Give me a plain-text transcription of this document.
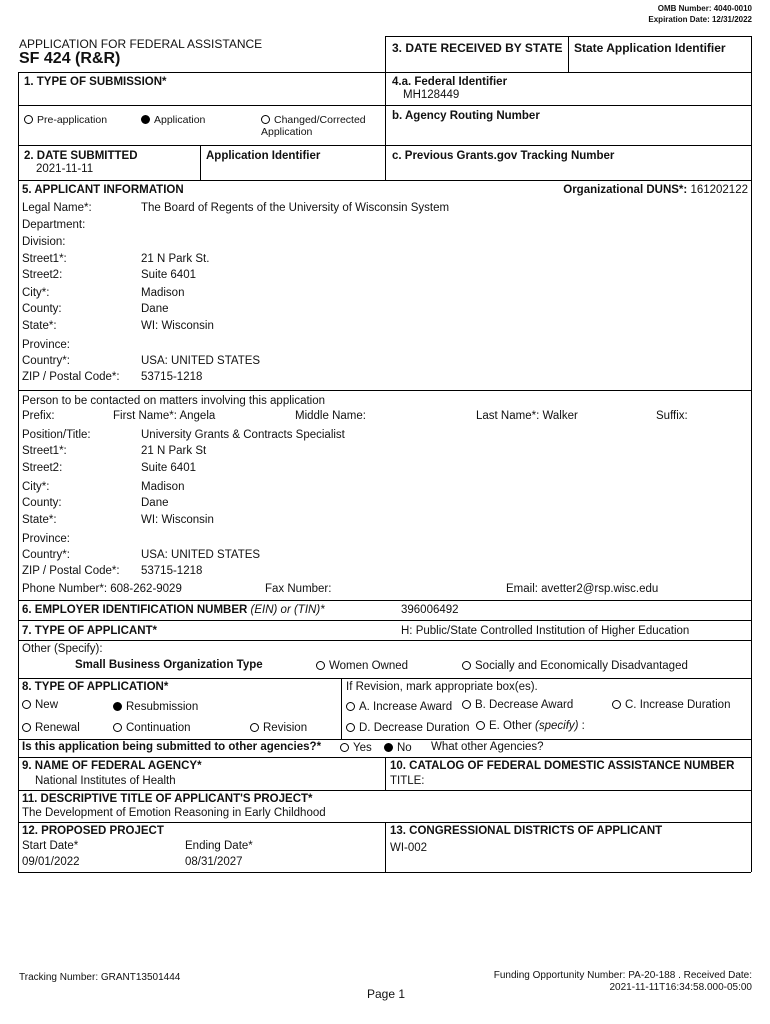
OMB Number: 4040-0010
Expiration Date: 12/31/2022
APPLICATION FOR FEDERAL ASSISTANCE
SF 424 (R&R)
3. DATE RECEIVED BY STATE State Application Identifier
1. TYPE OF SUBMISSION*
Pre-application	Application	Changed/Corrected
Application
4.a. Federal Identifier
MH128449
b. Agency Routing Number
c. Previous Grants.gov Tracking Number
2. DATE SUBMITTED
2021-11-11
Application Identifier
5. APPLICANT INFORMATION	Organizational DUNS*: 161202122
Legal Name*:	The Board of Regents of the University of Wisconsin System
Department:
Division:
Street1*:	21 N Park St.
Street2:	Suite 6401
City*:	Madison
County:	Dane
State*:	WI: Wisconsin
Province:
Country*:	USA: UNITED STATES
ZIP / Postal Code*: 53715-1218
Person to be contacted on matters involving this application
Prefix:	First Name*: Angela	Middle Name:	Last Name*: Walker	Suffix:
Position/Title:	University Grants & Contracts Specialist
Street1*:	21 N Park St
Street2:	Suite 6401
City*:	Madison
County:	Dane
State*:	WI: Wisconsin
Province:
Country*:	USA: UNITED STATES
ZIP / Postal Code*: 53715-1218
Phone Number*: 608-262-9029	Fax Number:	Email: avetter2@rsp.wisc.edu
6. EMPLOYER IDENTIFICATION NUMBER (EIN) or (TIN)*	396006492
7. TYPE OF APPLICANT*	H: Public/State Controlled Institution of Higher Education
Other (Specify):
Small Business Organization Type	Women Owned	Socially and Economically Disadvantaged
8. TYPE OF APPLICATION*	If Revision, mark appropriate box(es).
New	Resubmission	A. Increase Award	B. Decrease Award	C. Increase Duration
Renewal	Continuation	Revision	D. Decrease Duration	E. Other (specify) :
Is this application being submitted to other agencies?*	Yes	No What other Agencies?
9. NAME OF FEDERAL AGENCY*
National Institutes of Health
10. CATALOG OF FEDERAL DOMESTIC ASSISTANCE NUMBER
TITLE:
11. DESCRIPTIVE TITLE OF APPLICANT'S PROJECT*
The Development of Emotion Reasoning in Early Childhood
12. PROPOSED PROJECT
Start Date*
09/01/2022
Ending Date*
08/31/2027
13. CONGRESSIONAL DISTRICTS OF APPLICANT
WI-002
Tracking Number: GRANT13501444
Page 1
Funding Opportunity Number: PA-20-188 . Received Date:
2021-11-11T16:34:58.000-05:00
